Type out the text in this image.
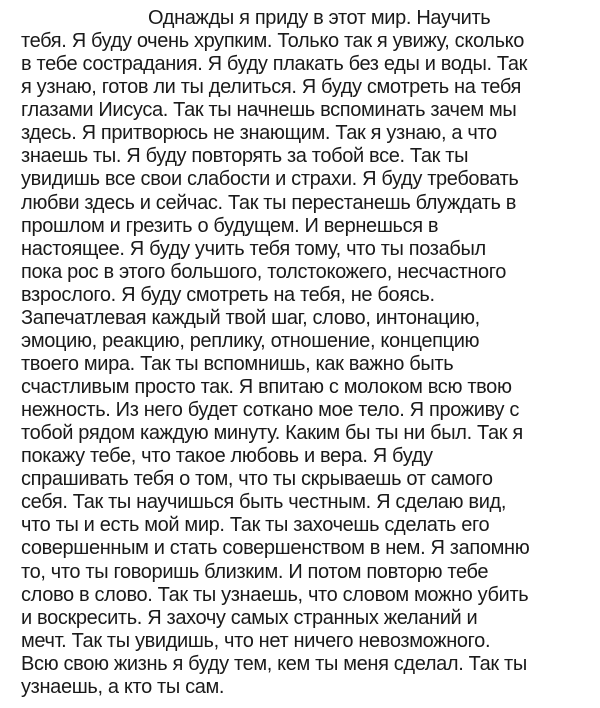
Однажды я приду в этот мир. Научить
тебя. Я буду очень хрупким. Только так я увижу, сколько
в тебе сострадания. Я буду плакать без еды и воды. Так
я узнаю, готов ли ты делиться. Я буду смотреть на тебя
глазами Иисуса. Так ты начнешь вспоминать зачем мы
здесь. Я притворюсь не знающим. Так я узнаю, а что
знаешь ты. Я буду повторять за тобой все. Так ты
увидишь все свои слабости и страхи. Я буду требовать
любви здесь и сейчас. Так ты перестанешь блуждать в
прошлом и грезить о будущем. И вернешься в
настоящее. Я буду учить тебя тому, что ты позабыл
пока рос в этого большого, толстокожего, несчастного
взрослого. Я буду смотреть на тебя, не боясь.
Запечатлевая каждый твой шаг, слово, интонацию,
эмоцию, реакцию, реплику, отношение, концепцию
твоего мира. Так ты вспомнишь, как важно быть
счастливым просто так. Я впитаю с молоком всю твою
нежность. Из него будет соткано мое тело. Я проживу с
тобой рядом каждую минуту. Каким бы ты ни был. Так я
покажу тебе, что такое любовь и вера. Я буду
спрашивать тебя о том, что ты скрываешь от самого
себя. Так ты научишься быть честным. Я сделаю вид,
что ты и есть мой мир. Так ты захочешь сделать его
совершенным и стать совершенством в нем. Я запомню
то, что ты говоришь близким. И потом повторю тебе
слово в слово. Так ты узнаешь, что словом можно убить
и воскресить. Я захочу самых странных желаний и
мечт. Так ты увидишь, что нет ничего невозможного.
Всю свою жизнь я буду тем, кем ты меня сделал. Так ты
узнаешь, а кто ты сам.
